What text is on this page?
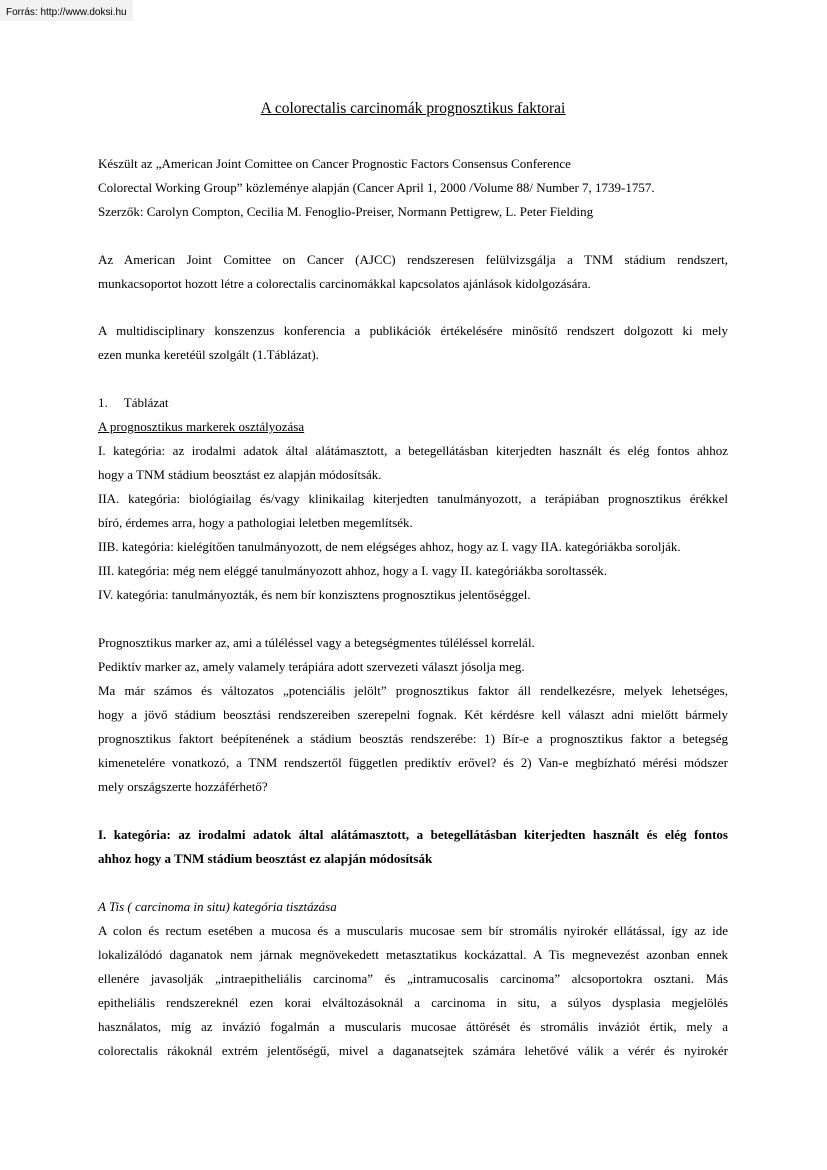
Forrás: http://www.doksi.hu
A colorectalis carcinomák prognosztikus faktorai
Készült az „American Joint Comittee on Cancer Prognostic Factors Consensus Conference
Colorectal Working Group” közleménye alapján (Cancer April 1, 2000 /Volume 88/ Number 7, 1739-1757.
Szerzők: Carolyn Compton, Cecilia M. Fenoglio-Preiser, Normann Pettigrew, L. Peter Fielding
Az American Joint Comittee on Cancer (AJCC) rendszeresen felülvizsgálja a TNM stádium rendszert,
munkacsoportot hozott létre a colorectalis carcinomákkal kapcsolatos ajánlások kidolgozására.
A multidisciplinary konszenzus konferencia a publikációk értékelésére minősítő rendszert dolgozott ki mely
ezen munka keretéül szolgált (1.Táblázat).
1. Táblázat
A prognosztikus markerek osztályozása
I. kategória: az irodalmi adatok által alátámasztott, a betegellátásban kiterjedten használt és elég fontos ahhoz
hogy a TNM stádium beosztást ez alapján módosítsák.
IIA. kategória: biológiailag és/vagy klinikailag kiterjedten tanulmányozott, a terápiában prognosztikus érékkel
bíró, érdemes arra, hogy a pathologiai leletben megemlítsék.
IIB. kategória: kielégítően tanulmányozott, de nem elégséges ahhoz, hogy az I. vagy IIA. kategóriákba sorolják.
III. kategória: még nem eléggé tanulmányozott ahhoz, hogy a I. vagy II. kategóriákba soroltassék.
IV. kategória: tanulmányozták, és nem bír konzisztens prognosztikus jelentőséggel.
Prognosztikus marker az, ami a túléléssel vagy a betegségmentes túléléssel korrelál.
Pediktív marker az, amely valamely terápiára adott szervezeti választ jósolja meg.
Ma már számos és változatos „potenciális jelölt” prognosztikus faktor áll rendelkezésre, melyek lehetséges,
hogy a jövő stádium beosztási rendszereiben szerepelni fognak. Két kérdésre kell választ adni mielőtt bármely
prognosztikus faktort beépítenének a stádium beosztás rendszerébe: 1) Bír-e a prognosztikus faktor a betegség
kimenetelére vonatkozó, a TNM rendszertől független prediktív erővel? és 2) Van-e megbízható mérési módszer
mely országszerte hozzáférhető?
I. kategória: az irodalmi adatok által alátámasztott, a betegellátásban kiterjedten használt és elég fontos
ahhoz hogy a TNM stádium beosztást ez alapján módosítsák
A Tis ( carcinoma in situ) kategória tisztázása
A colon és rectum esetében a mucosa és a muscularis mucosae sem bír stromális nyirokér ellátással, így az ide
lokalizálódó daganatok nem járnak megnövekedett metasztatikus kockázattal. A Tis megnevezést azonban ennek
ellenére javasolják „intraepitheliális carcinoma” és „intramucosalis carcinoma” alcsoportokra osztani. Más
epitheliális rendszereknél ezen korai elváltozásoknál a carcinoma in situ, a súlyos dysplasia megjelölés
használatos, míg az invázió fogalmán a muscularis mucosae áttörését és stromális inváziót értik, mely a
colorectalis rákoknál extrém jelentőségű, mivel a daganatsejtek számára lehetővé válik a vérér és nyirokér
